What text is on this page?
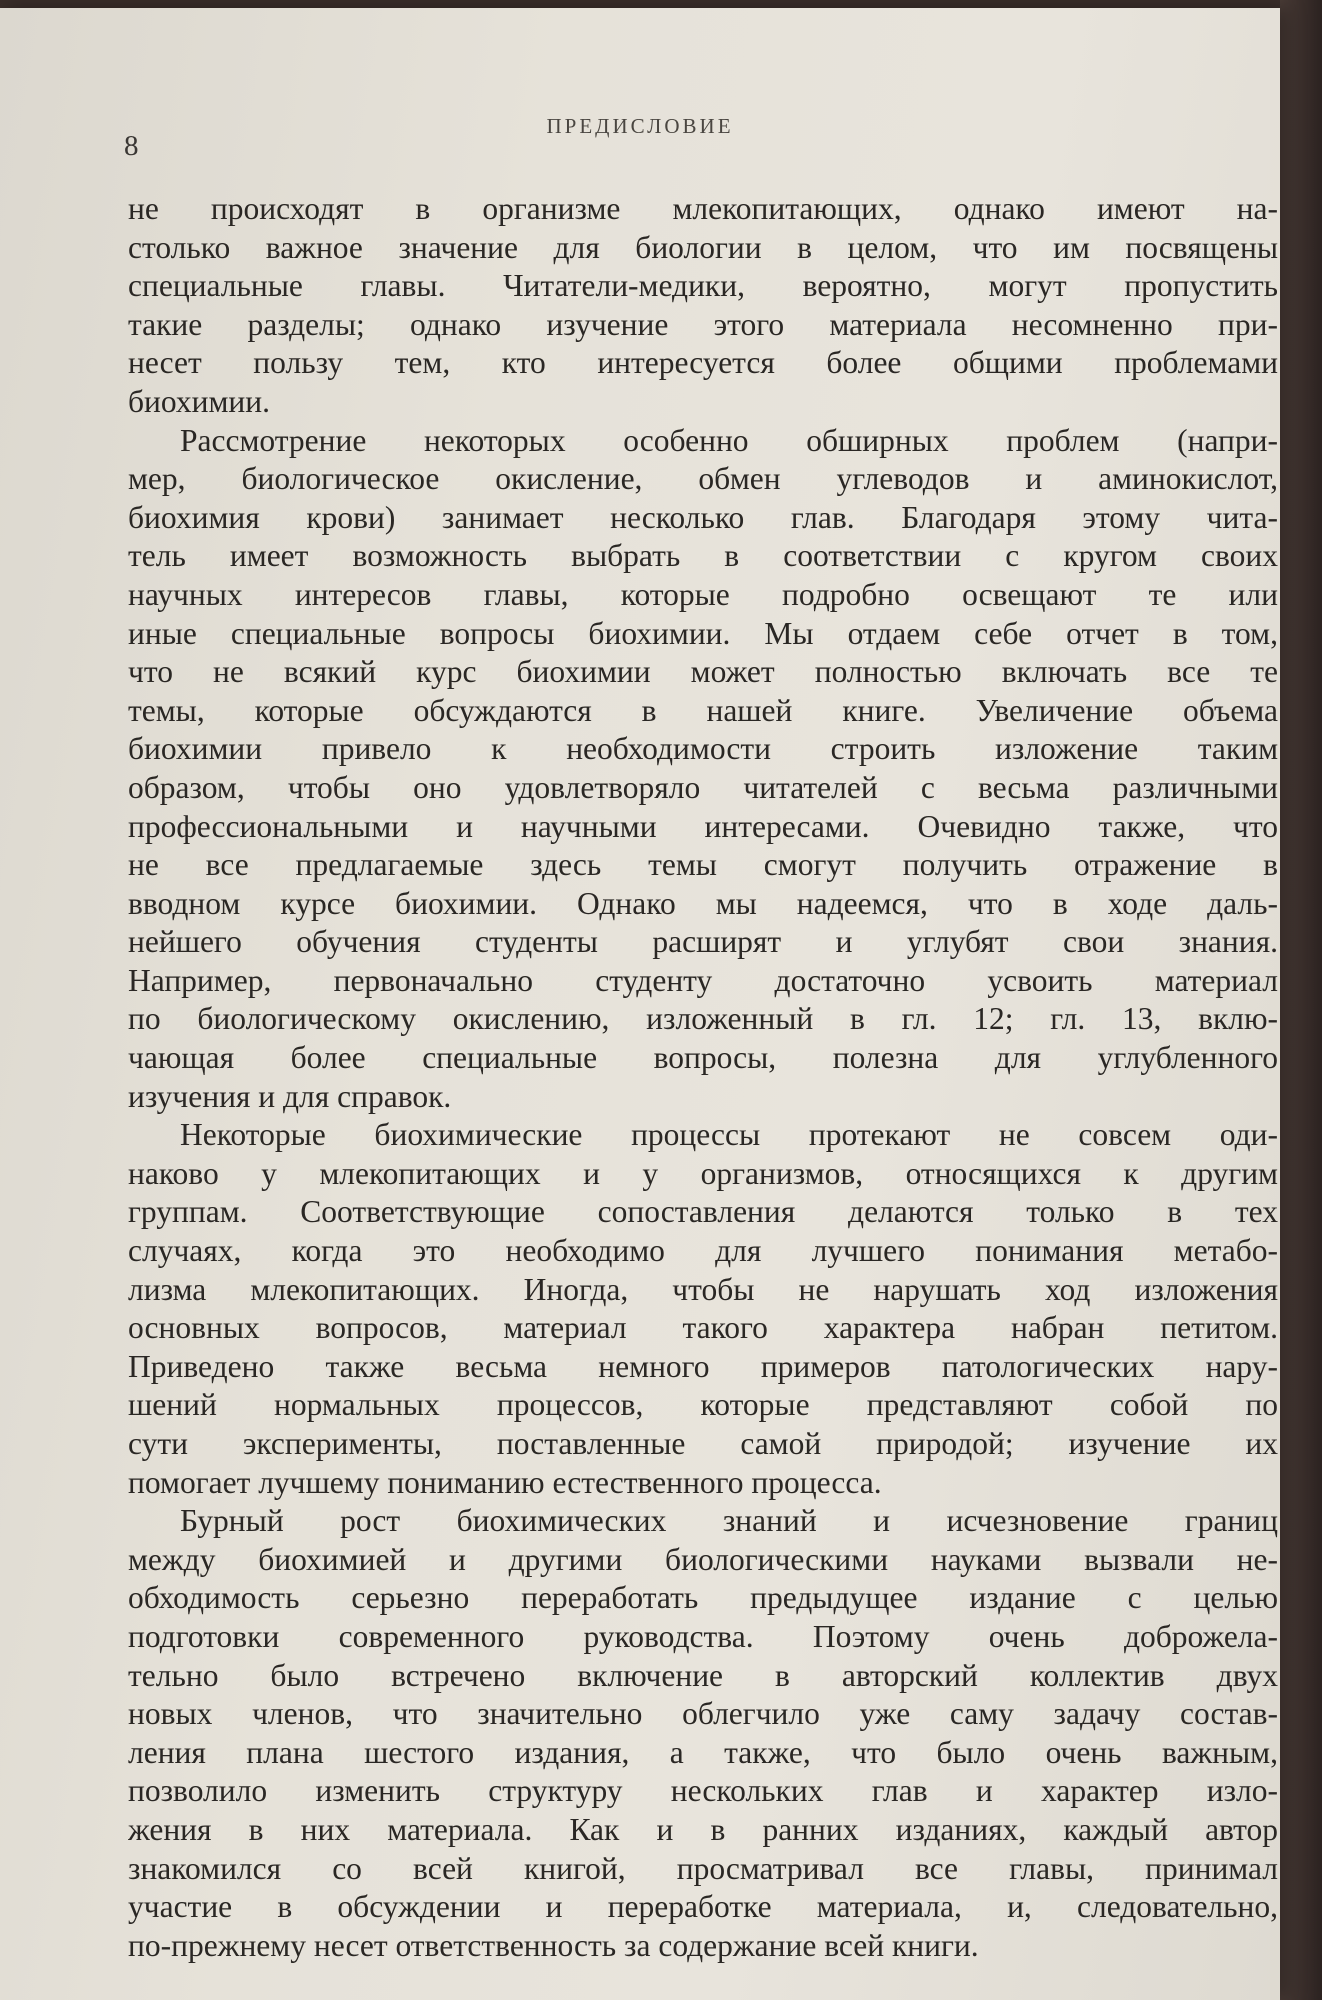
8
ПРЕДИСЛОВИЕ
не происходят в организме млекопитающих, однако имеют на-
столько важное значение для биологии в целом, что им посвящены
специальные главы. Читатели-медики, вероятно, могут пропустить
такие разделы; однако изучение этого материала несомненно при-
несет пользу тем, кто интересуется более общими проблемами
биохимии.
Рассмотрение некоторых особенно обширных проблем (напри-
мер, биологическое окисление, обмен углеводов и аминокислот,
биохимия крови) занимает несколько глав. Благодаря этому чита-
тель имеет возможность выбрать в соответствии с кругом своих
научных интересов главы, которые подробно освещают те или
иные специальные вопросы биохимии. Мы отдаем себе отчет в том,
что не всякий курс биохимии может полностью включать все те
темы, которые обсуждаются в нашей книге. Увеличение объема
биохимии привело к необходимости строить изложение таким
образом, чтобы оно удовлетворяло читателей с весьма различными
профессиональными и научными интересами. Очевидно также, что
не все предлагаемые здесь темы смогут получить отражение в
вводном курсе биохимии. Однако мы надеемся, что в ходе даль-
нейшего обучения студенты расширят и углубят свои знания.
Например, первоначально студенту достаточно усвоить материал
по биологическому окислению, изложенный в гл. 12; гл. 13, вклю-
чающая более специальные вопросы, полезна для углубленного
изучения и для справок.
Некоторые биохимические процессы протекают не совсем оди-
наково у млекопитающих и у организмов, относящихся к другим
группам. Соответствующие сопоставления делаются только в тех
случаях, когда это необходимо для лучшего понимания метабо-
лизма млекопитающих. Иногда, чтобы не нарушать ход изложения
основных вопросов, материал такого характера набран петитом.
Приведено также весьма немного примеров патологических нару-
шений нормальных процессов, которые представляют собой по
сути эксперименты, поставленные самой природой; изучение их
помогает лучшему пониманию естественного процесса.
Бурный рост биохимических знаний и исчезновение границ
между биохимией и другими биологическими науками вызвали не-
обходимость серьезно переработать предыдущее издание с целью
подготовки современного руководства. Поэтому очень доброжела-
тельно было встречено включение в авторский коллектив двух
новых членов, что значительно облегчило уже саму задачу состав-
ления плана шестого издания, а также, что было очень важным,
позволило изменить структуру нескольких глав и характер изло-
жения в них материала. Как и в ранних изданиях, каждый автор
знакомился со всей книгой, просматривал все главы, принимал
участие в обсуждении и переработке материала, и, следовательно,
по-прежнему несет ответственность за содержание всей книги.
